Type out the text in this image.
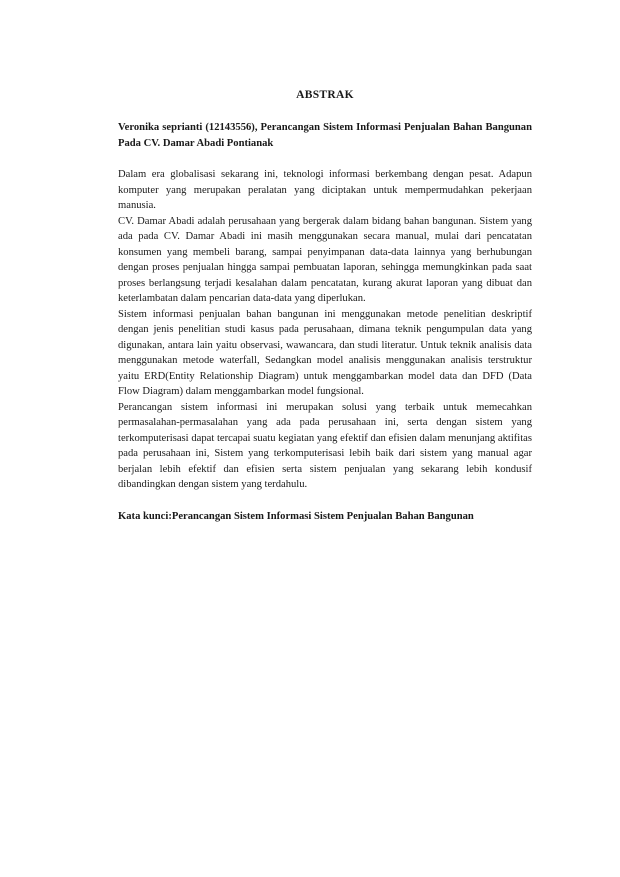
ABSTRAK
Veronika seprianti (12143556), Perancangan Sistem Informasi Penjualan Bahan Bangunan Pada CV. Damar Abadi Pontianak

Dalam era globalisasi sekarang ini, teknologi informasi berkembang dengan pesat. Adapun komputer yang merupakan peralatan yang diciptakan untuk mempermudahkan pekerjaan manusia.

CV. Damar Abadi adalah perusahaan yang bergerak dalam bidang bahan bangunan. Sistem yang ada pada CV. Damar Abadi ini masih menggunakan secara manual, mulai dari pencatatan konsumen yang membeli barang, sampai penyimpanan data-data lainnya yang berhubungan dengan proses penjualan hingga sampai pembuatan laporan, sehingga memungkinkan pada saat proses berlangsung terjadi kesalahan dalam pencatatan, kurang akurat laporan yang dibuat dan keterlambatan dalam pencarian data-data yang diperlukan.

Sistem informasi penjualan bahan bangunan ini menggunakan metode penelitian deskriptif dengan jenis penelitian studi kasus pada perusahaan, dimana teknik pengumpulan data yang digunakan, antara lain yaitu observasi, wawancara, dan studi literatur. Untuk teknik analisis data menggunakan metode waterfall, Sedangkan model analisis menggunakan analisis terstruktur yaitu ERD(Entity Relationship Diagram) untuk menggambarkan model data dan DFD (Data Flow Diagram) dalam menggambarkan model fungsional.

Perancangan sistem informasi ini merupakan solusi yang terbaik untuk memecahkan permasalahan-permasalahan yang ada pada perusahaan ini, serta dengan sistem yang terkomputerisasi dapat tercapai suatu kegiatan yang efektif dan efisien dalam menunjang aktifitas pada perusahaan ini, Sistem yang terkomputerisasi lebih baik dari sistem yang manual agar berjalan lebih efektif dan efisien serta sistem penjualan yang sekarang lebih kondusif dibandingkan dengan sistem yang terdahulu.

Kata kunci:Perancangan Sistem Informasi Sistem Penjualan Bahan Bangunan
